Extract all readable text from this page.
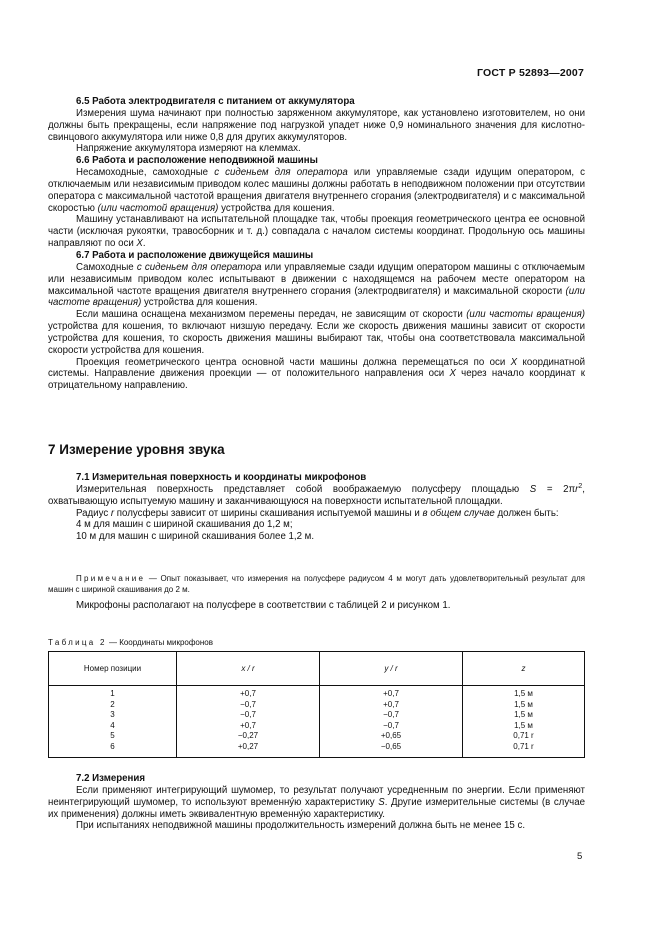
ГОСТ Р 52893—2007

6.5 Работа электродвигателя с питанием от аккумулятора

Измерения шума начинают при полностью заряженном аккумуляторе, как установлено изготовителем, но они должны быть прекращены, если напряжение под нагрузкой упадет ниже 0,9 номинального значения для кислотно-свинцового аккумулятора или ниже 0,8 для других аккумуляторов.

Напряжение аккумулятора измеряют на клеммах.

6.6 Работа и расположение неподвижной машины

Несамоходные, самоходные с сиденьем для оператора или управляемые сзади идущим оператором, с отключаемым или независимым приводом колес машины должны работать в неподвижном положении при отсутствии оператора с максимальной частотой вращения двигателя внутреннего сгорания (электродвигателя) и с максимальной скоростью (или частотой вращения) устройства для кошения.

Машину устанавливают на испытательной площадке так, чтобы проекция геометрического центра ее основной части (исключая рукоятки, травосборник и т. д.) совпадала с началом системы координат. Продольную ось машины направляют по оси X.

6.7 Работа и расположение движущейся машины

Самоходные с сиденьем для оператора или управляемые сзади идущим оператором машины с отключаемым или независимым приводом колес испытывают в движении с находящемся на рабочем месте оператором на максимальной частоте вращения двигателя внутреннего сгорания (электродвигателя) и максимальной скорости (или частоте вращения) устройства для кошения.

Если машина оснащена механизмом перемены передач, не зависящим от скорости (или частоты вращения) устройства для кошения, то включают низшую передачу. Если же скорость движения машины зависит от скорости устройства для кошения, то скорость движения машины выбирают так, чтобы она соответствовала максимальной скорости устройства для кошения.

Проекция геометрического центра основной части машины должна перемещаться по оси X координатной системы. Направление движения проекции — от положительного направления оси X через начало координат к отрицательному направлению.

7 Измерение уровня звука

7.1 Измерительная поверхность и координаты микрофонов

Измерительная поверхность представляет собой воображаемую полусферу площадью $S = 2\pi r^2$, охватывающую испытуемую машину и заканчивающуюся на поверхности испытательной площадки.

Радиус r полусферы зависит от ширины скашивания испытуемой машины и в общем случае должен быть:

4 м для машин с шириной скашивания до 1,2 м;

10 м для машин с шириной скашивания более 1,2 м.

Примечание — Опыт показывает, что измерения на полусфере радиусом 4 м могут дать удовлетворительный результат для машин с шириной скашивания до 2 м.

Микрофоны располагают на полусфере в соответствии с таблицей 2 и рисунком 1.

Таблица 2 — Координаты микрофонов
Номер позиции	x / r	y / r	z
1	+0,7	+0,7	1,5 м
2	−0,7	+0,7	1,5 м
3	−0,7	−0,7	1,5 м
4	+0,7	−0,7	1,5 м
5	−0,27	+0,65	0,71 r
6	+0,27	−0,65	0,71 r

7.2 Измерения

Если применяют интегрирующий шумомер, то результат получают усредненным по энергии. Если применяют неинтегрирующий шумомер, то используют временну́ю характеристику S. Другие измерительные системы (в случае их применения) должны иметь эквивалентную временну́ю характеристику.

При испытаниях неподвижной машины продолжительность измерений должна быть не менее 15 с.

5
